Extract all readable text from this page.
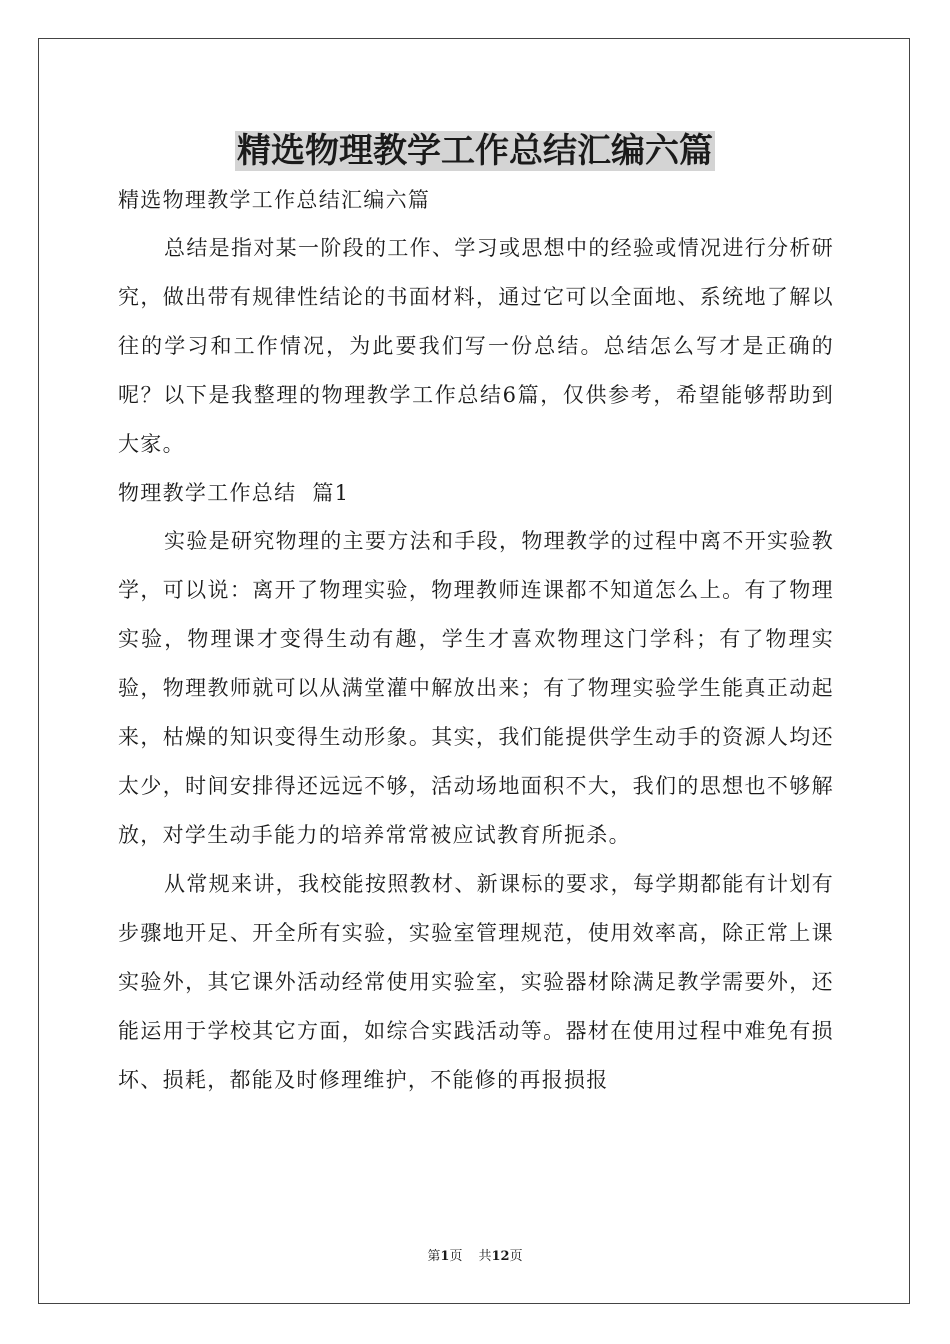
精选物理教学工作总结汇编六篇

精选物理教学工作总结汇编六篇

总结是指对某一阶段的工作、学习或思想中的经验或情况进行分析研究，做出带有规律性结论的书面材料，通过它可以全面地、系统地了解以往的学习和工作情况，为此要我们写一份总结。总结怎么写才是正确的呢？以下是我整理的物理教学工作总结6篇，仅供参考，希望能够帮助到大家。

物理教学工作总结  篇1

实验是研究物理的主要方法和手段，物理教学的过程中离不开实验教学，可以说：离开了物理实验，物理教师连课都不知道怎么上。有了物理实验，物理课才变得生动有趣，学生才喜欢物理这门学科；有了物理实验，物理教师就可以从满堂灌中解放出来；有了物理实验学生能真正动起来，枯燥的知识变得生动形象。其实，我们能提供学生动手的资源人均还太少，时间安排得还远远不够，活动场地面积不大，我们的思想也不够解放，对学生动手能力的培养常常被应试教育所扼杀。

从常规来讲，我校能按照教材、新课标的要求，每学期都能有计划有步骤地开足、开全所有实验，实验室管理规范，使用效率高，除正常上课实验外，其它课外活动经常使用实验室，实验器材除满足教学需要外，还能运用于学校其它方面，如综合实践活动等。器材在使用过程中难免有损坏、损耗，都能及时修理维护，不能修的再报损报

第1页 共12页
